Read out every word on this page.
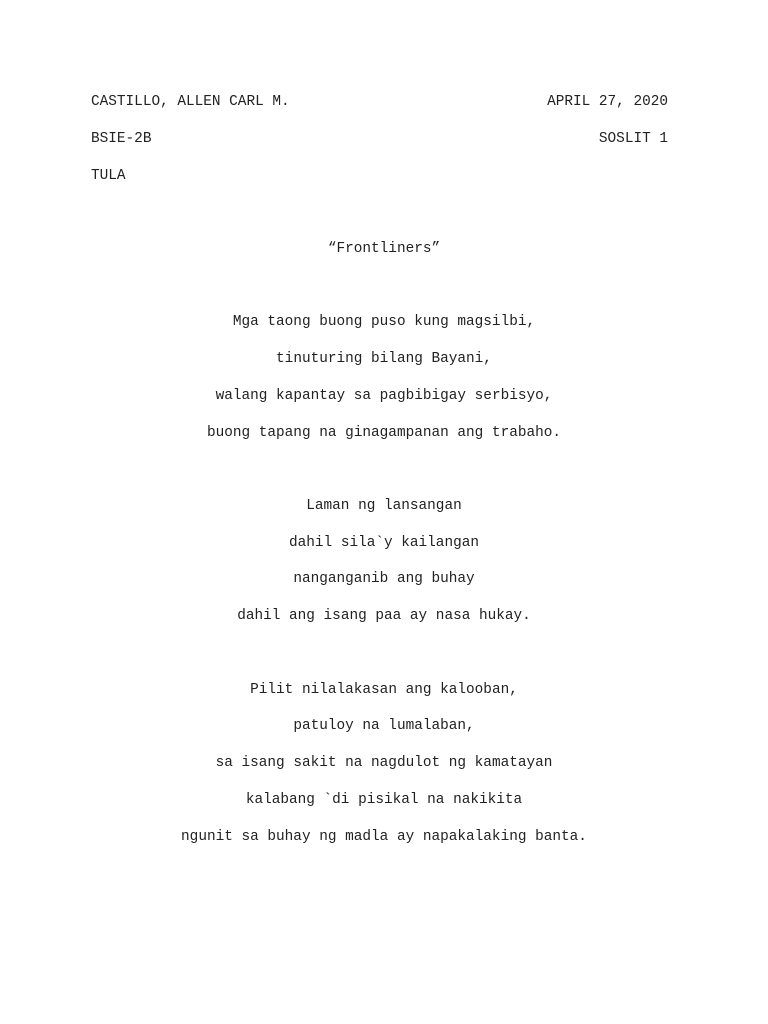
CASTILLO, ALLEN CARL M.	APRIL 27, 2020
BSIE-2B	SOSLIT 1
TULA
“Frontliners”
Mga taong buong puso kung magsilbi,
tinuturing bilang Bayani,
walang kapantay sa pagbibigay serbisyo,
buong tapang na ginagampanan ang trabaho.
Laman ng lansangan
dahil sila`y kailangan
nanganganib ang buhay
dahil ang isang paa ay nasa hukay.
Pilit nilalakasan ang kalooban,
patuloy na lumalaban,
sa isang sakit na nagdulot ng kamatayan
kalabang `di pisikal na nakikita
ngunit sa buhay ng madla ay napakalaking banta.
